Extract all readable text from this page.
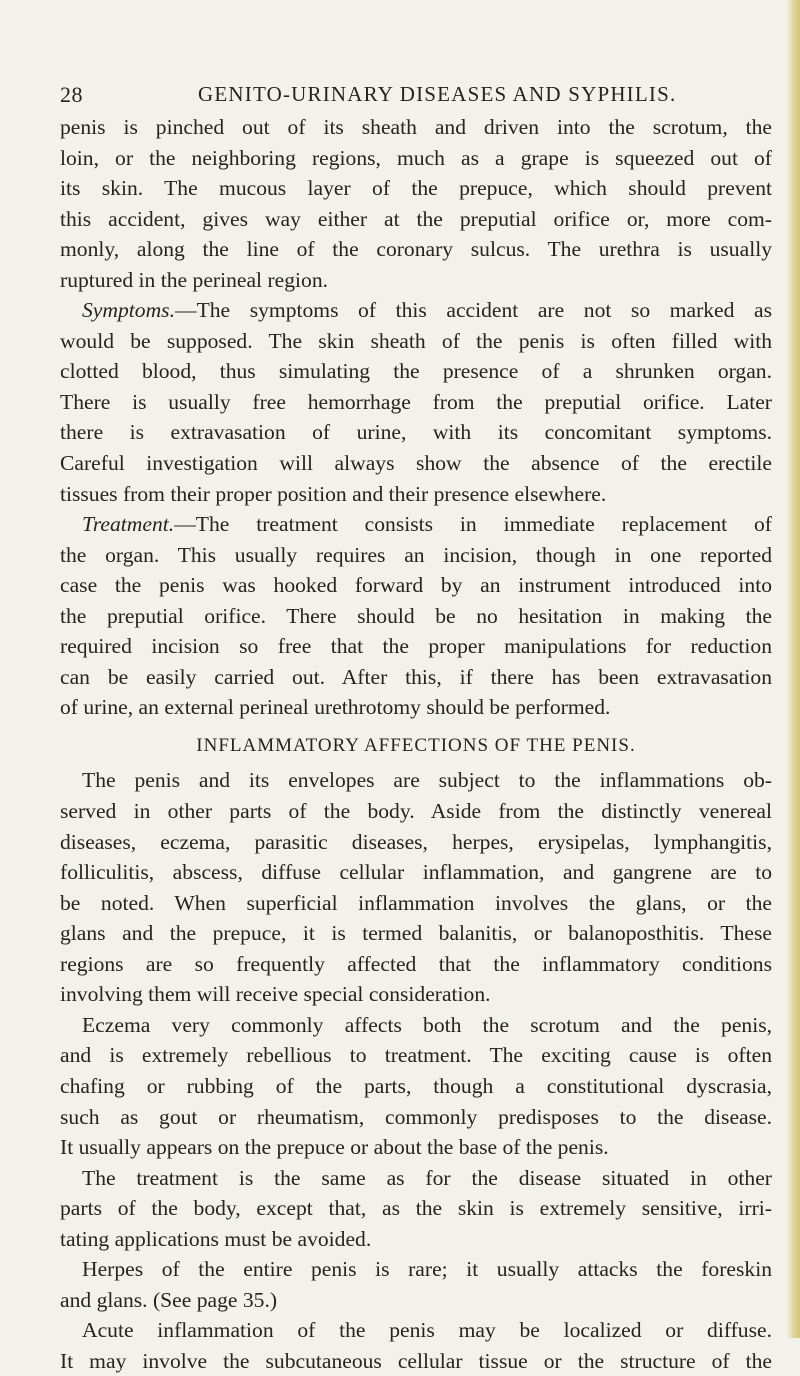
28	GENITO-URINARY DISEASES AND SYPHILIS.
penis is pinched out of its sheath and driven into the scrotum, the
loin, or the neighboring regions, much as a grape is squeezed out of
its skin. The mucous layer of the prepuce, which should prevent
this accident, gives way either at the preputial orifice or, more com-
monly, along the line of the coronary sulcus. The urethra is usually
ruptured in the perineal region.
Symptoms.—The symptoms of this accident are not so marked as
would be supposed. The skin sheath of the penis is often filled with
clotted blood, thus simulating the presence of a shrunken organ.
There is usually free hemorrhage from the preputial orifice. Later
there is extravasation of urine, with its concomitant symptoms.
Careful investigation will always show the absence of the erectile
tissues from their proper position and their presence elsewhere.
Treatment.—The treatment consists in immediate replacement of
the organ. This usually requires an incision, though in one reported
case the penis was hooked forward by an instrument introduced into
the preputial orifice. There should be no hesitation in making the
required incision so free that the proper manipulations for reduction
can be easily carried out. After this, if there has been extravasation
of urine, an external perineal urethrotomy should be performed.
INFLAMMATORY AFFECTIONS OF THE PENIS.
The penis and its envelopes are subject to the inflammations ob-
served in other parts of the body. Aside from the distinctly venereal
diseases, eczema, parasitic diseases, herpes, erysipelas, lymphangitis,
folliculitis, abscess, diffuse cellular inflammation, and gangrene are to
be noted. When superficial inflammation involves the glans, or the
glans and the prepuce, it is termed balanitis, or balanoposthitis. These
regions are so frequently affected that the inflammatory conditions
involving them will receive special consideration.
Eczema very commonly affects both the scrotum and the penis,
and is extremely rebellious to treatment. The exciting cause is often
chafing or rubbing of the parts, though a constitutional dyscrasia,
such as gout or rheumatism, commonly predisposes to the disease.
It usually appears on the prepuce or about the base of the penis.
The treatment is the same as for the disease situated in other
parts of the body, except that, as the skin is extremely sensitive, irri-
tating applications must be avoided.
Herpes of the entire penis is rare; it usually attacks the foreskin
and glans. (See page 35.)
Acute inflammation of the penis may be localized or diffuse.
It may involve the subcutaneous cellular tissue or the structure of the
